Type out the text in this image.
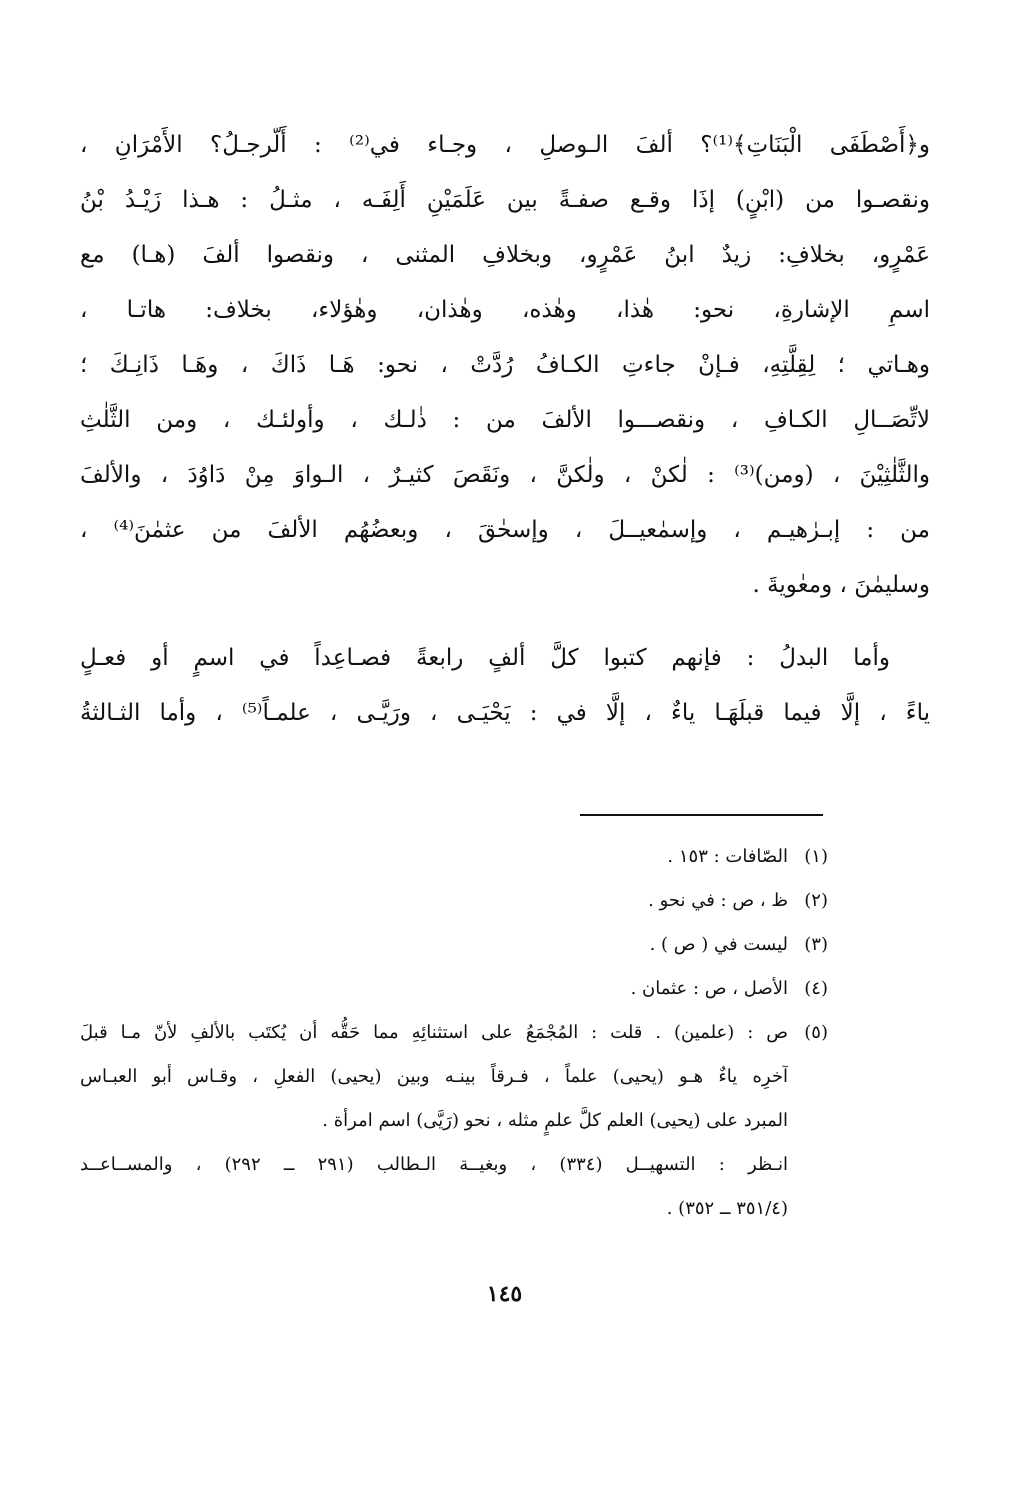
و﴿أَصْطَفَى الْبَنَاتِ﴾⁽¹⁾؟ ألفَ الـوصلِ ، وجـاء في⁽²⁾ : أَلّرجـلُ؟ الأَمْرَانِ ،
ونقصـوا من (ابْنٍ) إذَا وقـع صفـةً بين عَلَمَيْنِ أَلِفَـه ، مثـلُ : هـذا زَيْـدُ بْنُ
عَمْرٍو، بخلافِ: زيدٌ ابنُ عَمْرٍو، وبخلافِ المثنى ، ونقصوا ألفَ (هـا) مع
اسمِ الإشارةِ، نحو: هٰذا، وهٰذه، وهٰذان، وهٰؤلاء، بخلاف: هاتـا ،
وهـاتي ؛ لِقِلَّتِهِ، فـإنْ جاءتِ الكـافُ رُدَّتْ ، نحو: هَـا ذَاكَ ، وهَـا ذَانِـكَ ؛
لاتِّصَــالِ الكـافِ ، ونقصـــوا الألفَ من : ذٰلـك ، وأولئـك ، ومن الثَّلٰثِ
والثَّلٰثِيْنَ ، (ومن)⁽³⁾ : لٰكنْ ، ولٰكنَّ ، ونَقَصَ كثيـرٌ ، الـواوَ مِنْ دَاوُدَ ، والألفَ
من : إبـرٰهيـم ، وإسمٰعيــلَ ، وإسحٰقَ ، وبعضُهُم الألفَ من عثمٰنَ⁽⁴⁾ ،
وسليمٰنَ ، ومعٰويةَ .
وأما البدلُ : فإنهم كتبوا كلَّ ألفٍ رابعةً فصـاعِداً في اسمٍ أو فعـلٍ
ياءً ، إلَّا فيما قبلَهَـا ياءٌ ، إلَّا في : يَحْيَـى ، ورَيَّـى ، علمـاً⁽⁵⁾ ، وأما الثـالثةُ
(١)
الصّافات : ١٥٣ .
(٢)
ظ ، ص : في نحو .
(٣)
ليست في ( ص ) .
(٤)
الأصل ، ص : عثمان .
(٥)
ص : (علمين) . قلت : المُجْمَعُ على استثنائِهِ مما حَقُّه أن يُكتَب بالألفِ لأنّ مـا قبلَ
آخرِه ياءٌ هـو (يحيى) علماً ، فـرقاً بينـه وبين (يحيى) الفعلِ ، وقـاس أبو العبـاس
المبرد على (يحيى) العلم كلَّ علمٍ مثله ، نحو (رَيَّى) اسم امرأة .
انـظر : التسهيــل (٣٣٤) ، وبغيــة الـطالب (٢٩١ ــ ٢٩٢) ، والمســاعــد
(٣٥١/٤ ــ ٣٥٢) .
١٤٥
